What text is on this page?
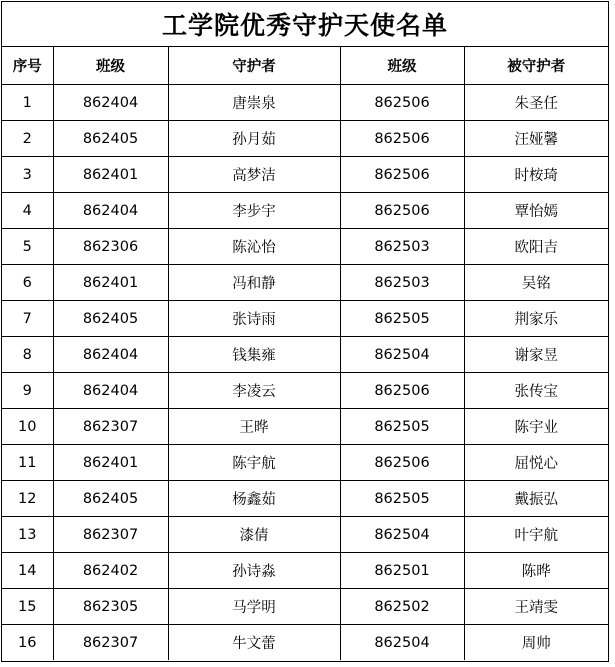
工学院优秀守护天使名单
序号	班级	守护者	班级	被守护者
1	862404	唐崇泉	862506	朱圣任
2	862405	孙月茹	862506	汪娅馨
3	862401	高梦洁	862506	时桉琦
4	862404	李步宇	862506	覃怡嫣
5	862306	陈沁怡	862503	欧阳吉
6	862401	冯和静	862503	吴铭
7	862405	张诗雨	862505	荆家乐
8	862404	钱集雍	862504	谢家昱
9	862404	李凌云	862506	张传宝
10	862307	王晔	862505	陈宇业
11	862401	陈宇航	862506	屈悦心
12	862405	杨鑫茹	862505	戴振弘
13	862307	漆倩	862504	叶宇航
14	862402	孙诗淼	862501	陈晔
15	862305	马学明	862502	王靖雯
16	862307	牛文蕾	862504	周帅
